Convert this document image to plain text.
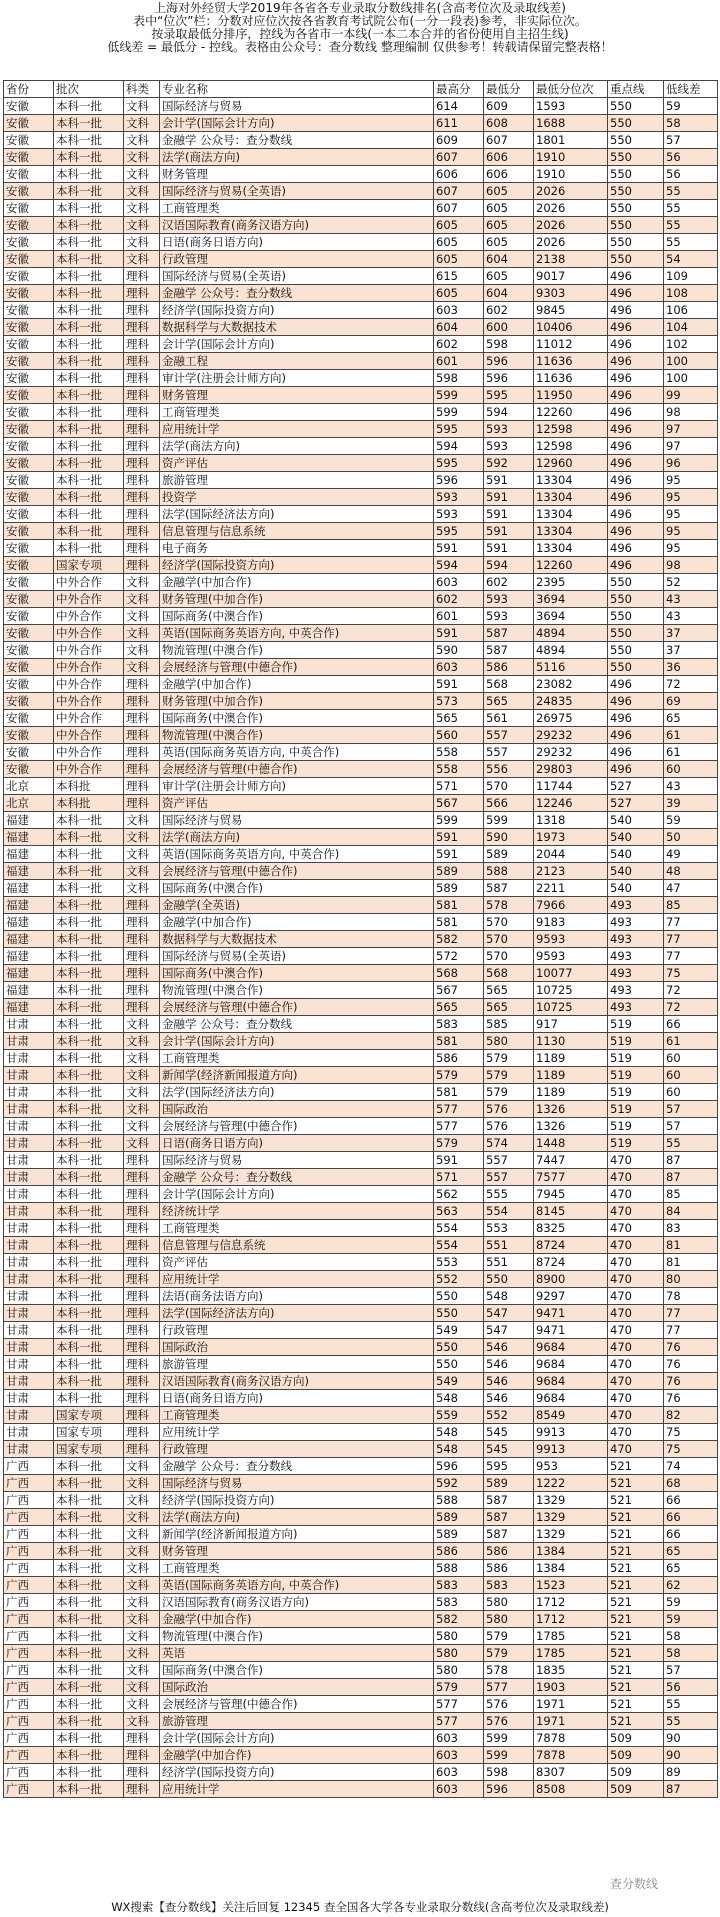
上海对外经贸大学2019年各省各专业录取分数线排名(含高考位次及录取线差)
表中“位次”栏：分数对应位次按各省教育考试院公布(一分一段表)参考，非实际位次。
按录取最低分排序，控线为各省市一本线(一本二本合并的省份使用自主招生线)
低线差 = 最低分 - 控线。表格由公众号：查分数线 整理编制 仅供参考！转载请保留完整表格！
省份	批次	科类	专业名称	最高分	最低分	最低分位次	重点线	低线差
安徽	本科一批	文科	国际经济与贸易	614	609	1593	550	59
安徽	本科一批	文科	会计学(国际会计方向)	611	608	1688	550	58
安徽	本科一批	文科	金融学 公众号：查分数线	609	607	1801	550	57
安徽	本科一批	文科	法学(商法方向)	607	606	1910	550	56
安徽	本科一批	文科	财务管理	606	606	1910	550	56
安徽	本科一批	文科	国际经济与贸易(全英语)	607	605	2026	550	55
安徽	本科一批	文科	工商管理类	607	605	2026	550	55
安徽	本科一批	文科	汉语国际教育(商务汉语方向)	605	605	2026	550	55
安徽	本科一批	文科	日语(商务日语方向)	605	605	2026	550	55
安徽	本科一批	文科	行政管理	605	604	2138	550	54
安徽	本科一批	理科	国际经济与贸易(全英语)	615	605	9017	496	109
安徽	本科一批	理科	金融学 公众号：查分数线	605	604	9303	496	108
安徽	本科一批	理科	经济学(国际投资方向)	603	602	9845	496	106
安徽	本科一批	理科	数据科学与大数据技术	604	600	10406	496	104
安徽	本科一批	理科	会计学(国际会计方向)	602	598	11012	496	102
安徽	本科一批	理科	金融工程	601	596	11636	496	100
安徽	本科一批	理科	审计学(注册会计师方向)	598	596	11636	496	100
安徽	本科一批	理科	财务管理	599	595	11950	496	99
安徽	本科一批	理科	工商管理类	599	594	12260	496	98
安徽	本科一批	理科	应用统计学	595	593	12598	496	97
安徽	本科一批	理科	法学(商法方向)	594	593	12598	496	97
安徽	本科一批	理科	资产评估	595	592	12960	496	96
安徽	本科一批	理科	旅游管理	596	591	13304	496	95
安徽	本科一批	理科	投资学	593	591	13304	496	95
安徽	本科一批	理科	法学(国际经济法方向)	593	591	13304	496	95
安徽	本科一批	理科	信息管理与信息系统	595	591	13304	496	95
安徽	本科一批	理科	电子商务	591	591	13304	496	95
安徽	国家专项	理科	经济学(国际投资方向)	594	594	12260	496	98
安徽	中外合作	文科	金融学(中加合作)	603	602	2395	550	52
安徽	中外合作	文科	财务管理(中加合作)	602	593	3694	550	43
安徽	中外合作	文科	国际商务(中澳合作)	601	593	3694	550	43
安徽	中外合作	文科	英语(国际商务英语方向, 中英合作)	591	587	4894	550	37
安徽	中外合作	文科	物流管理(中澳合作)	590	587	4894	550	37
安徽	中外合作	文科	会展经济与管理(中德合作)	603	586	5116	550	36
安徽	中外合作	理科	金融学(中加合作)	591	568	23082	496	72
安徽	中外合作	理科	财务管理(中加合作)	573	565	24835	496	69
安徽	中外合作	理科	国际商务(中澳合作)	565	561	26975	496	65
安徽	中外合作	理科	物流管理(中澳合作)	560	557	29232	496	61
安徽	中外合作	理科	英语(国际商务英语方向, 中英合作)	558	557	29232	496	61
安徽	中外合作	理科	会展经济与管理(中德合作)	558	556	29803	496	60
北京	本科批	理科	审计学(注册会计师方向)	571	570	11744	527	43
北京	本科批	理科	资产评估	567	566	12246	527	39
福建	本科一批	文科	国际经济与贸易	599	599	1318	540	59
福建	本科一批	文科	法学(商法方向)	591	590	1973	540	50
福建	本科一批	文科	英语(国际商务英语方向, 中英合作)	591	589	2044	540	49
福建	本科一批	文科	会展经济与管理(中德合作)	589	588	2123	540	48
福建	本科一批	文科	国际商务(中澳合作)	589	587	2211	540	47
福建	本科一批	理科	金融学(全英语)	581	578	7966	493	85
福建	本科一批	理科	金融学(中加合作)	581	570	9183	493	77
福建	本科一批	理科	数据科学与大数据技术	582	570	9593	493	77
福建	本科一批	理科	国际经济与贸易(全英语)	572	570	9593	493	77
福建	本科一批	理科	国际商务(中澳合作)	568	568	10077	493	75
福建	本科一批	理科	物流管理(中澳合作)	567	565	10725	493	72
福建	本科一批	理科	会展经济与管理(中德合作)	565	565	10725	493	72
甘肃	本科一批	文科	金融学 公众号：查分数线	583	585	917	519	66
甘肃	本科一批	文科	会计学(国际会计方向)	581	580	1130	519	61
甘肃	本科一批	文科	工商管理类	586	579	1189	519	60
甘肃	本科一批	文科	新闻学(经济新闻报道方向)	579	579	1189	519	60
甘肃	本科一批	文科	法学(国际经济法方向)	581	579	1189	519	60
甘肃	本科一批	文科	国际政治	577	576	1326	519	57
甘肃	本科一批	文科	会展经济与管理(中德合作)	577	576	1326	519	57
甘肃	本科一批	文科	日语(商务日语方向)	579	574	1448	519	55
甘肃	本科一批	理科	国际经济与贸易	591	557	7447	470	87
甘肃	本科一批	理科	金融学 公众号：查分数线	571	557	7577	470	87
甘肃	本科一批	理科	会计学(国际会计方向)	562	555	7945	470	85
甘肃	本科一批	理科	经济统计学	563	554	8145	470	84
甘肃	本科一批	理科	工商管理类	554	553	8325	470	83
甘肃	本科一批	理科	信息管理与信息系统	554	551	8724	470	81
甘肃	本科一批	理科	资产评估	553	551	8724	470	81
甘肃	本科一批	理科	应用统计学	552	550	8900	470	80
甘肃	本科一批	理科	法语(商务法语方向)	550	548	9297	470	78
甘肃	本科一批	理科	法学(国际经济法方向)	550	547	9471	470	77
甘肃	本科一批	理科	行政管理	549	547	9471	470	77
甘肃	本科一批	理科	国际政治	550	546	9684	470	76
甘肃	本科一批	理科	旅游管理	550	546	9684	470	76
甘肃	本科一批	理科	汉语国际教育(商务汉语方向)	549	546	9684	470	76
甘肃	本科一批	理科	日语(商务日语方向)	548	546	9684	470	76
甘肃	国家专项	理科	工商管理类	559	552	8549	470	82
甘肃	国家专项	理科	应用统计学	548	545	9913	470	75
甘肃	国家专项	理科	行政管理	548	545	9913	470	75
广西	本科一批	文科	金融学 公众号：查分数线	596	595	953	521	74
广西	本科一批	文科	国际经济与贸易	592	589	1222	521	68
广西	本科一批	文科	经济学(国际投资方向)	588	587	1329	521	66
广西	本科一批	文科	法学(商法方向)	589	587	1329	521	66
广西	本科一批	文科	新闻学(经济新闻报道方向)	589	587	1329	521	66
广西	本科一批	文科	财务管理	586	586	1384	521	65
广西	本科一批	文科	工商管理类	588	586	1384	521	65
广西	本科一批	文科	英语(国际商务英语方向, 中英合作)	583	583	1523	521	62
广西	本科一批	文科	汉语国际教育(商务汉语方向)	583	580	1712	521	59
广西	本科一批	文科	金融学(中加合作)	582	580	1712	521	59
广西	本科一批	文科	物流管理(中澳合作)	580	579	1785	521	58
广西	本科一批	文科	英语	580	579	1785	521	58
广西	本科一批	文科	国际商务(中澳合作)	580	578	1835	521	57
广西	本科一批	文科	国际政治	579	577	1903	521	56
广西	本科一批	文科	会展经济与管理(中德合作)	577	576	1971	521	55
广西	本科一批	文科	旅游管理	577	576	1971	521	55
广西	本科一批	理科	会计学(国际会计方向)	603	599	7878	509	90
广西	本科一批	理科	金融学(中加合作)	603	599	7878	509	90
广西	本科一批	理科	经济学(国际投资方向)	603	598	8307	509	89
广西	本科一批	理科	应用统计学	603	596	8508	509	87
查分数线
WX搜索【查分数线】关注后回复 12345 查全国各大学各专业录取分数线(含高考位次及录取线差)
